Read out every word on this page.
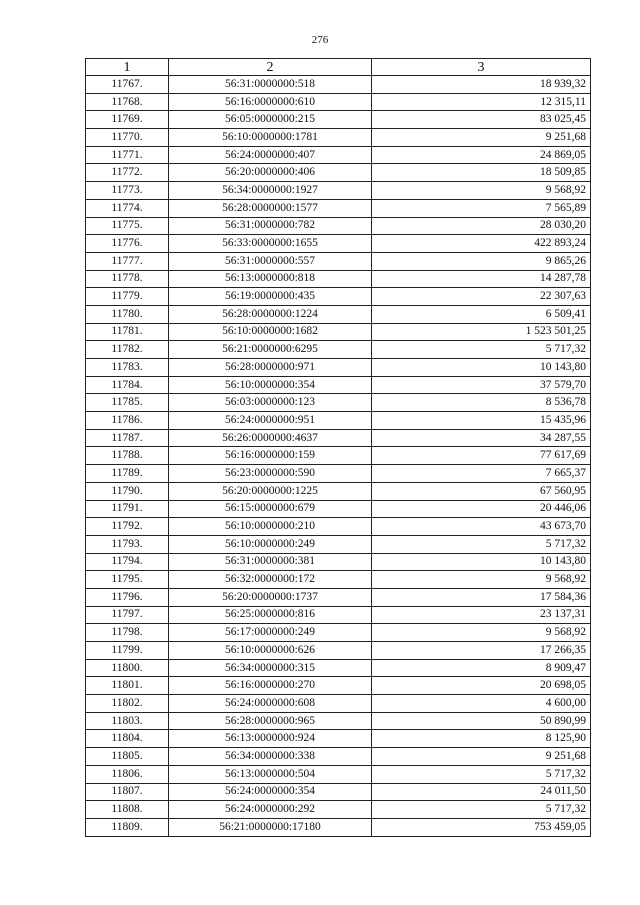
276
1	2	3
11767.	56:31:0000000:518	18 939,32
11768.	56:16:0000000:610	12 315,11
11769.	56:05:0000000:215	83 025,45
11770.	56:10:0000000:1781	9 251,68
11771.	56:24:0000000:407	24 869,05
11772.	56:20:0000000:406	18 509,85
11773.	56:34:0000000:1927	9 568,92
11774.	56:28:0000000:1577	7 565,89
11775.	56:31:0000000:782	28 030,20
11776.	56:33:0000000:1655	422 893,24
11777.	56:31:0000000:557	9 865,26
11778.	56:13:0000000:818	14 287,78
11779.	56:19:0000000:435	22 307,63
11780.	56:28:0000000:1224	6 509,41
11781.	56:10:0000000:1682	1 523 501,25
11782.	56:21:0000000:6295	5 717,32
11783.	56:28:0000000:971	10 143,80
11784.	56:10:0000000:354	37 579,70
11785.	56:03:0000000:123	8 536,78
11786.	56:24:0000000:951	15 435,96
11787.	56:26:0000000:4637	34 287,55
11788.	56:16:0000000:159	77 617,69
11789.	56:23:0000000:590	7 665,37
11790.	56:20:0000000:1225	67 560,95
11791.	56:15:0000000:679	20 446,06
11792.	56:10:0000000:210	43 673,70
11793.	56:10:0000000:249	5 717,32
11794.	56:31:0000000:381	10 143,80
11795.	56:32:0000000:172	9 568,92
11796.	56:20:0000000:1737	17 584,36
11797.	56:25:0000000:816	23 137,31
11798.	56:17:0000000:249	9 568,92
11799.	56:10:0000000:626	17 266,35
11800.	56:34:0000000:315	8 909,47
11801.	56:16:0000000:270	20 698,05
11802.	56:24:0000000:608	4 600,00
11803.	56:28:0000000:965	50 890,99
11804.	56:13:0000000:924	8 125,90
11805.	56:34:0000000:338	9 251,68
11806.	56:13:0000000:504	5 717,32
11807.	56:24:0000000:354	24 011,50
11808.	56:24:0000000:292	5 717,32
11809.	56:21:0000000:17180	753 459,05
